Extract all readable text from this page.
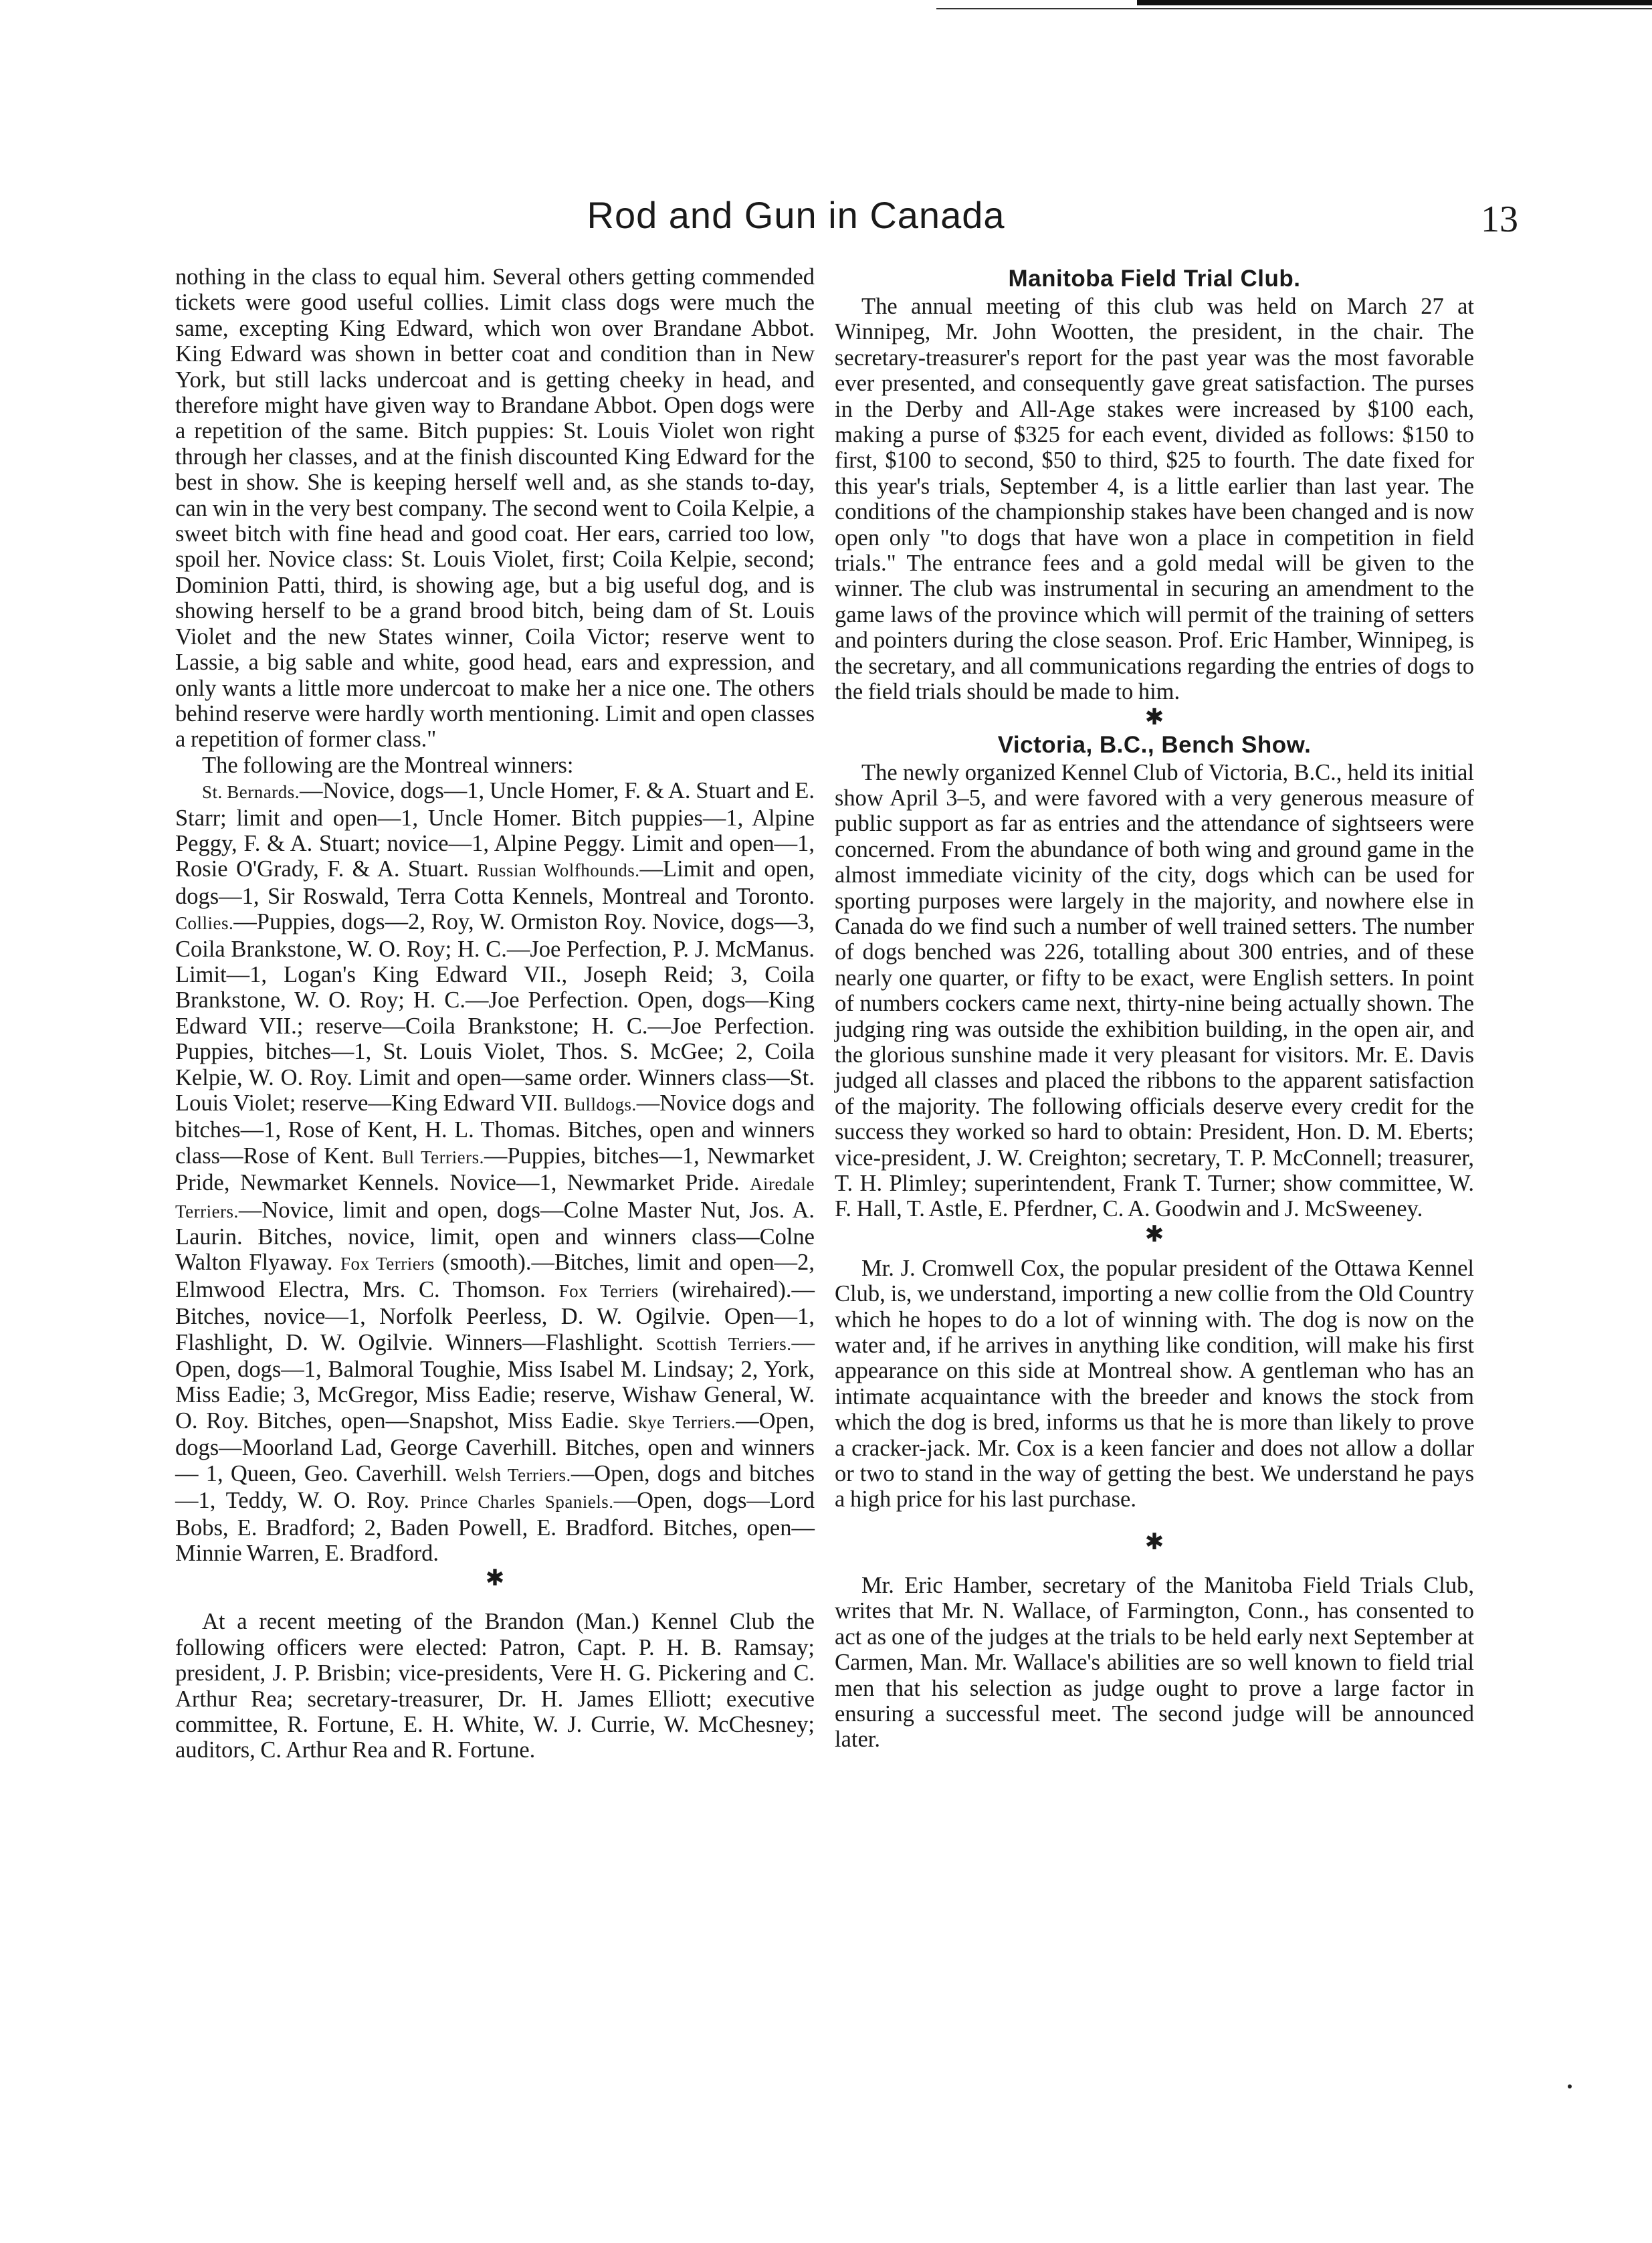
Rod and Gun in Canada	13

nothing in the class to equal him. Several others getting commended tickets were good useful collies. Limit class dogs were much the same, excepting King Edward, which won over Brandane Abbot. King Edward was shown in better coat and condition than in New York, but still lacks undercoat and is getting cheeky in head, and therefore might have given way to Brandane Abbot. Open dogs were a repetition of the same. Bitch puppies: St. Louis Violet won right through her classes, and at the finish discounted King Edward for the best in show. She is keeping herself well and, as she stands to-day, can win in the very best company. The second went to Coila Kelpie, a sweet bitch with fine head and good coat. Her ears, carried too low, spoil her. Novice class: St. Louis Violet, first; Coila Kelpie, second; Dominion Patti, third, is showing age, but a big useful dog, and is showing herself to be a grand brood bitch, being dam of St. Louis Violet and the new States winner, Coila Victor; reserve went to Lassie, a big sable and white, good head, ears and expression, and only wants a little more undercoat to make her a nice one. The others behind reserve were hardly worth mentioning. Limit and open classes a repetition of former class."

The following are the Montreal winners:

St. Bernards.—Novice, dogs—1, Uncle Homer, F. & A. Stuart and E. Starr; limit and open—1, Uncle Homer. Bitch puppies—1, Alpine Peggy, F. & A. Stuart; novice—1, Alpine Peggy. Limit and open—1, Rosie O'Grady, F. & A. Stuart. Russian Wolfhounds.—Limit and open, dogs—1, Sir Roswald, Terra Cotta Kennels, Montreal and Toronto. Collies.—Puppies, dogs—2, Roy, W. Ormiston Roy. Novice, dogs—3, Coila Brankstone, W. O. Roy; H. C.—Joe Perfection, P. J. McManus. Limit—1, Logan's King Edward VII., Joseph Reid; 3, Coila Brankstone, W. O. Roy; H. C.—Joe Perfection. Open, dogs—King Edward VII.; reserve—Coila Brankstone; H. C.—Joe Perfection. Puppies, bitches—1, St. Louis Violet, Thos. S. McGee; 2, Coila Kelpie, W. O. Roy. Limit and open—same order. Winners class—St. Louis Violet; reserve—King Edward VII. Bulldogs.—Novice dogs and bitches—1, Rose of Kent, H. L. Thomas. Bitches, open and winners class—Rose of Kent. Bull Terriers.—Puppies, bitches—1, Newmarket Pride, Newmarket Kennels. Novice—1, Newmarket Pride. Airedale Terriers.—Novice, limit and open, dogs—Colne Master Nut, Jos. A. Laurin. Bitches, novice, limit, open and winners class—Colne Walton Flyaway. Fox Terriers (smooth).—Bitches, limit and open—2, Elmwood Electra, Mrs. C. Thomson. Fox Terriers (wirehaired).—Bitches, novice—1, Norfolk Peerless, D. W. Ogilvie. Open—1, Flashlight, D. W. Ogilvie. Winners—Flashlight. Scottish Terriers.—Open, dogs—1, Balmoral Toughie, Miss Isabel M. Lindsay; 2, York, Miss Eadie; 3, McGregor, Miss Eadie; reserve, Wishaw General, W. O. Roy. Bitches, open—Snapshot, Miss Eadie. Skye Terriers.—Open, dogs—Moorland Lad, George Caverhill. Bitches, open and winners — 1, Queen, Geo. Caverhill. Welsh Terriers.—Open, dogs and bitches—1, Teddy, W. O. Roy. Prince Charles Spaniels.—Open, dogs—Lord Bobs, E. Bradford; 2, Baden Powell, E. Bradford. Bitches, open—Minnie Warren, E. Bradford.

✱

At a recent meeting of the Brandon (Man.) Kennel Club the following officers were elected: Patron, Capt. P. H. B. Ramsay; president, J. P. Brisbin; vice-presidents, Vere H. G. Pickering and C. Arthur Rea; secretary-treasurer, Dr. H. James Elliott; executive committee, R. Fortune, E. H. White, W. J. Currie, W. McChesney; auditors, C. Arthur Rea and R. Fortune.

Manitoba Field Trial Club.

The annual meeting of this club was held on March 27 at Winnipeg, Mr. John Wootten, the president, in the chair. The secretary-treasurer's report for the past year was the most favorable ever presented, and consequently gave great satisfaction. The purses in the Derby and All-Age stakes were increased by $100 each, making a purse of $325 for each event, divided as follows: $150 to first, $100 to second, $50 to third, $25 to fourth. The date fixed for this year's trials, September 4, is a little earlier than last year. The conditions of the championship stakes have been changed and is now open only "to dogs that have won a place in competition in field trials." The entrance fees and a gold medal will be given to the winner. The club was instrumental in securing an amendment to the game laws of the province which will permit of the training of setters and pointers during the close season. Prof. Eric Hamber, Winnipeg, is the secretary, and all communications regarding the entries of dogs to the field trials should be made to him.

✱

Victoria, B.C., Bench Show.

The newly organized Kennel Club of Victoria, B.C., held its initial show April 3–5, and were favored with a very generous measure of public support as far as entries and the attendance of sightseers were concerned. From the abundance of both wing and ground game in the almost immediate vicinity of the city, dogs which can be used for sporting purposes were largely in the majority, and nowhere else in Canada do we find such a number of well trained setters. The number of dogs benched was 226, totalling about 300 entries, and of these nearly one quarter, or fifty to be exact, were English setters. In point of numbers cockers came next, thirty-nine being actually shown. The judging ring was outside the exhibition building, in the open air, and the glorious sunshine made it very pleasant for visitors. Mr. E. Davis judged all classes and placed the ribbons to the apparent satisfaction of the majority. The following officials deserve every credit for the success they worked so hard to obtain: President, Hon. D. M. Eberts; vice-president, J. W. Creighton; secretary, T. P. McConnell; treasurer, T. H. Plimley; superintendent, Frank T. Turner; show committee, W. F. Hall, T. Astle, E. Pferdner, C. A. Goodwin and J. McSweeney.

✱

Mr. J. Cromwell Cox, the popular president of the Ottawa Kennel Club, is, we understand, importing a new collie from the Old Country which he hopes to do a lot of winning with. The dog is now on the water and, if he arrives in anything like condition, will make his first appearance on this side at Montreal show. A gentleman who has an intimate acquaintance with the breeder and knows the stock from which the dog is bred, informs us that he is more than likely to prove a cracker-jack. Mr. Cox is a keen fancier and does not allow a dollar or two to stand in the way of getting the best. We understand he pays a high price for his last purchase.

✱

Mr. Eric Hamber, secretary of the Manitoba Field Trials Club, writes that Mr. N. Wallace, of Farmington, Conn., has consented to act as one of the judges at the trials to be held early next September at Carmen, Man. Mr. Wallace's abilities are so well known to field trial men that his selection as judge ought to prove a large factor in ensuring a successful meet. The second judge will be announced later.
